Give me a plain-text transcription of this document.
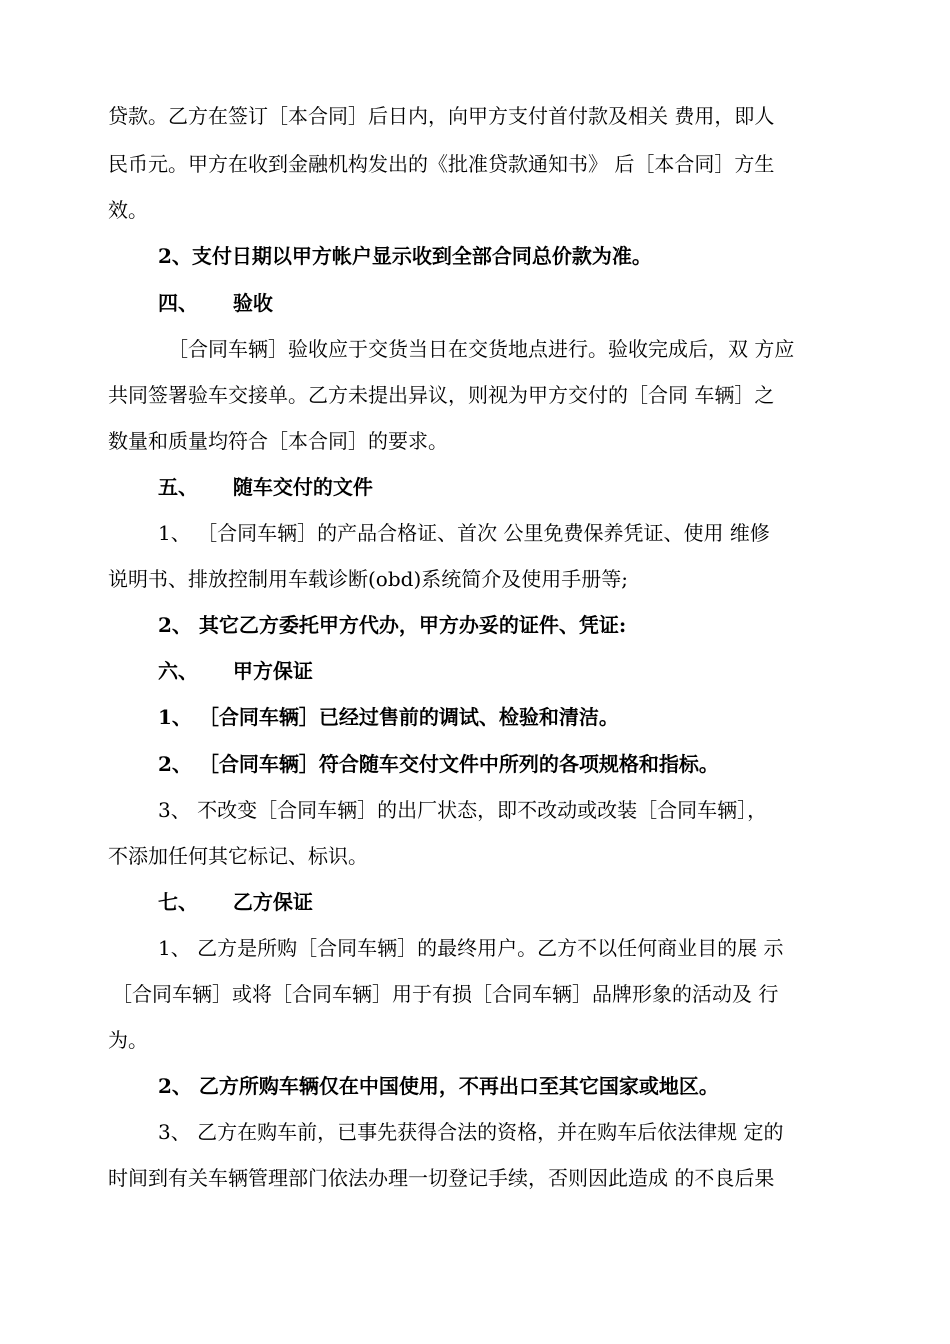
贷款。乙方在签订［本合同］后日内，向甲方支付首付款及相关 费用，即人
民币元。甲方在收到金融机构发出的《批准贷款通知书》 后［本合同］方生
效。
2、支付日期以甲方帐户显示收到全部合同总价款为准。
四、     验收
［合同车辆］验收应于交货当日在交货地点进行。验收完成后，双 方应
共同签署验车交接单。乙方未提出异议，则视为甲方交付的［合同 车辆］之
数量和质量均符合［本合同］的要求。
五、     随车交付的文件
1、 ［合同车辆］的产品合格证、首次 公里免费保养凭证、使用 维修
说明书、排放控制用车载诊断(obd)系统简介及使用手册等;
2、 其它乙方委托甲方代办，甲方办妥的证件、凭证:
六、     甲方保证
1、 ［合同车辆］已经过售前的调试、检验和清洁。
2、 ［合同车辆］符合随车交付文件中所列的各项规格和指标。
3、 不改变［合同车辆］的出厂状态，即不改动或改装［合同车辆］，
不添加任何其它标记、标识。
七、     乙方保证
1、 乙方是所购［合同车辆］的最终用户。乙方不以任何商业目的展 示
［合同车辆］或将［合同车辆］用于有损［合同车辆］品牌形象的活动及 行
为。
2、 乙方所购车辆仅在中国使用，不再出口至其它国家或地区。
3、 乙方在购车前，已事先获得合法的资格，并在购车后依法律规 定的
时间到有关车辆管理部门依法办理一切登记手续，否则因此造成 的不良后果
